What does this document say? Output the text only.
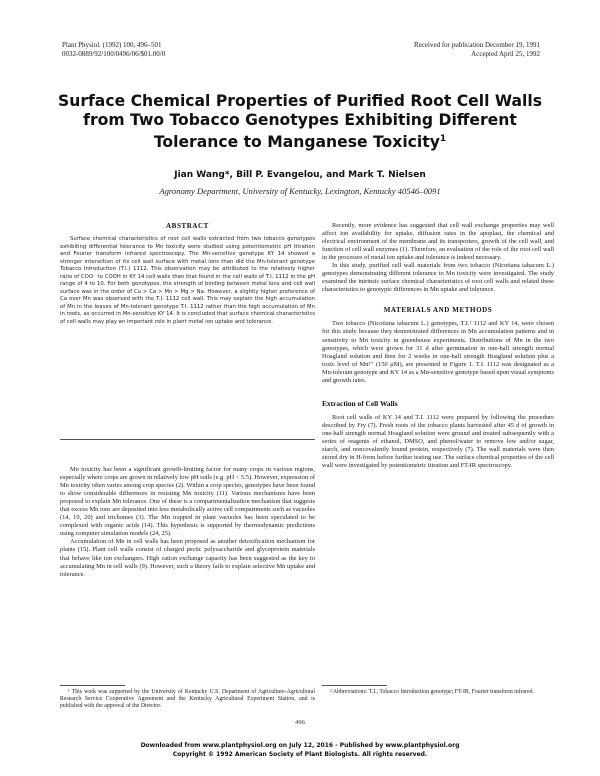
Plant Physiol. (1992) 100, 496–501
0032-0889/92/100/0496/06/$01.00/0
Received for publication December 19, 1991
Accepted April 25, 1992
Surface Chemical Properties of Purified Root Cell Walls from Two Tobacco Genotypes Exhibiting Different Tolerance to Manganese Toxicity$^1$
Jian Wang*, Bill P. Evangelou, and Mark T. Nielsen
Agronomy Department, University of Kentucky, Lexington, Kentucky 40546–0091
ABSTRACT

Surface chemical characteristics of root cell walls extracted from two tobacco genotypes exhibiting differential tolerance to Mn toxicity were studied using potentiometric pH titration and Fourier transform infrared spectroscopy. The Mn-sensitive genotype KY 14 showed a stronger interaction of its cell wall surface with metal ions than did the Mn-tolerant genotype Tobacco Introduction (T.I.) 1112. This observation may be attributed to the relatively higher ratio of COO⁻ to COOH in KY 14 cell walls than that found in the cell walls of T.I. 1112 in the pH range of 4 to 10. For both genotypes, the strength of binding between metal ions and cell wall surface was in the order of Cu > Ca > Mn > Mg > Na. However, a slightly higher preference of Ca over Mn was observed with the T.I. 1112 cell wall. This may explain the high accumulation of Mn in the leaves of Mn-tolerant genotype T.I. 1112 rather than the high accumulation of Mn in roots, as occurred in Mn-sensitive KY 14. It is concluded that surface chemical characteristics of cell walls may play an important role in plant metal ion uptake and tolerance.

Mn toxicity has been a significant growth-limiting factor for many crops in various regions, especially where crops are grown in relatively low pH soils (e.g. pH < 5.5). However, expression of Mn toxicity often varies among crop species (2). Within a crop species, genotypes have been found to show considerable differences in resisting Mn toxicity (11). Various mechanisms have been proposed to explain Mn tolerance. One of these is a compartmentalization mechanism that suggests that excess Mn ions are deposited into less metabolically active cell compartments such as vacuoles (14, 19, 20) and trichomes (3). The Mn trapped in plant vacuoles has been speculated to be complexed with organic acids (14). This hypothesis is supported by thermodynamic predictions using computer simulation models (24, 25).

Accumulation of Mn in cell walls has been proposed as another detoxification mechanism for plants (15). Plant cell walls consist of charged pectic polysaccharide and glycoprotein materials that behave like ion exchangers. High cation exchange capacity has been suggested as the key to accumulating Mn in cell walls (9). However, such a theory fails to explain selective Mn uptake and tolerance.

¹ This work was supported by the University of Kentucky U.S. Department of Agriculture-Agricultural Research Service Cooperative Agreement and the Kentucky Agricultural Experiment Station, and is published with the approval of the Director.

Recently, more evidence has suggested that cell wall exchange properties may well affect ion availability for uptake, diffusion rates in the apoplast, the chemical and electrical environment of the membrane and its transporters, growth of the cell wall, and function of cell wall enzymes (1). Therefore, an evaluation of the role of the root cell wall in the processes of metal ion uptake and tolerance is indeed necessary.

In this study, purified cell wall materials from two tobacco (Nicotiana tabacum L.) genotypes demonstrating different tolerance to Mn toxicity were investigated. The study examined the intrinsic surface chemical characteristics of root cell walls and related these characteristics to genotypic differences in Mn uptake and tolerance.

MATERIALS AND METHODS

Two tobacco (Nicotiana tabacum L.) genotypes, T.I.² 1112 and KY 14, were chosen for this study because they demonstrated differences in Mn accumulation patterns and in sensitivity to Mn toxicity in greenhouse experiments. Distributions of Mn in the two genotypes, which were grown for 31 d after germination in one-half strength normal Hoagland solution and then for 2 weeks in one-half strength Hoagland solution plus a toxic level of Mn²⁺ (150 µM), are presented in Figure 1. T.I. 1112 was designated as a Mn-tolerant genotype and KY 14 as a Mn-sensitive genotype based upon visual symptoms and growth rates.

Extraction of Cell Walls

Root cell walls of KY 14 and T.I. 1112 were prepared by following the procedure described by Fry (7). Fresh roots of the tobacco plants harvested after 45 d of growth in one-half strength normal Hoagland solution were ground and treated subsequently with a series of reagents of ethanol, DMSO, and phenol/water to remove low and/or sugar, starch, and noncovalently bound protein, respectively (7). The wall materials were then stored dry in H-form before further testing use. The surface chemical properties of the cell wall were investigated by potentiometric titration and FT-IR spectroscopy.

² Abbreviations: T.I., Tobacco Introduction genotype; FT-IR, Fourier transform infrared.

496
Downloaded from www.plantphysiol.org on July 12, 2016 - Published by www.plantphysiol.org
Copyright © 1992 American Society of Plant Biologists. All rights reserved.
